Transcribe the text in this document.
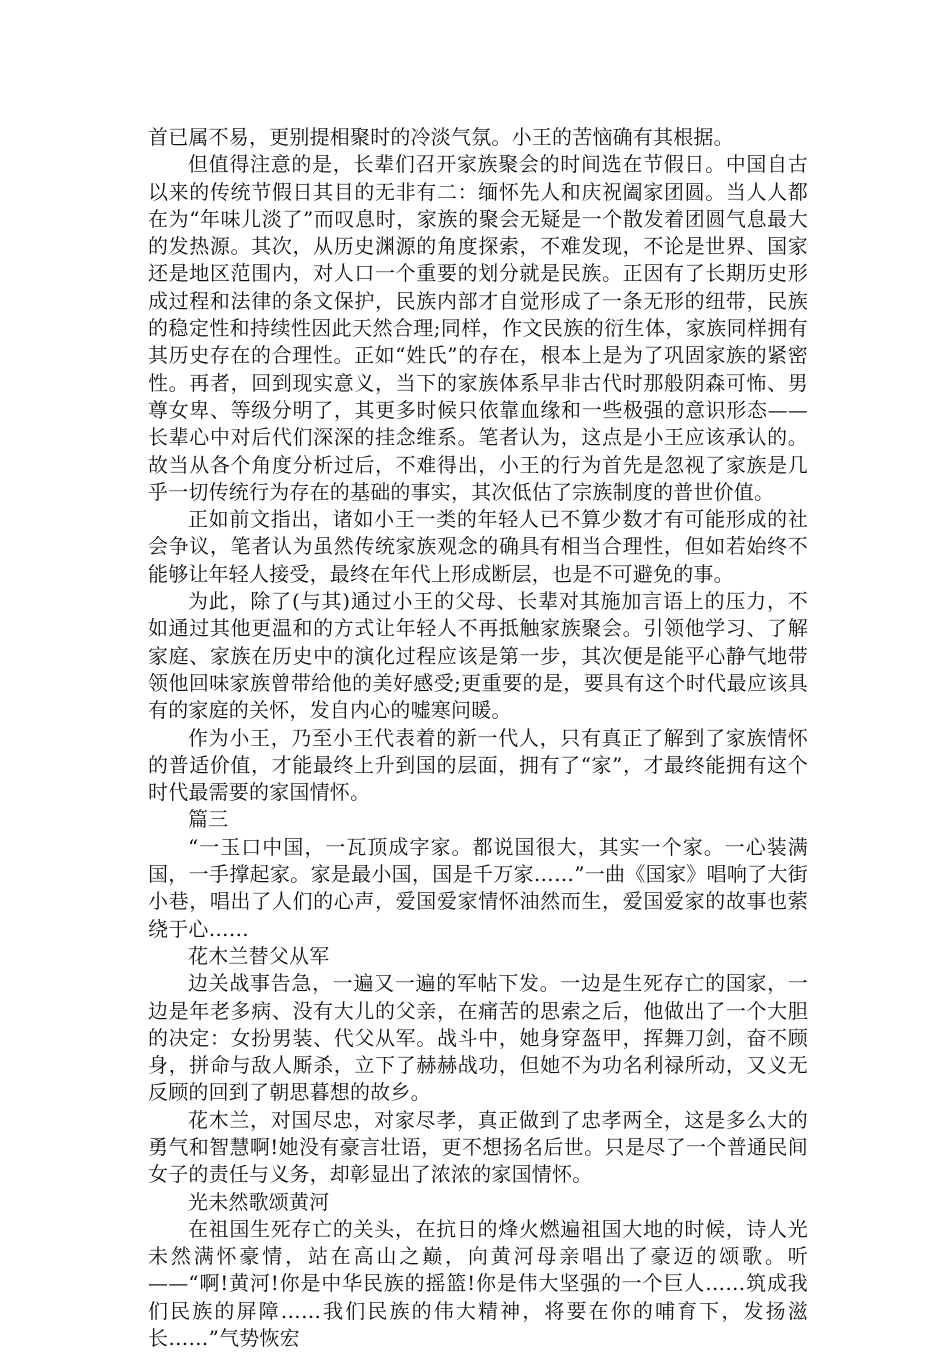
首已属不易，更别提相聚时的冷淡气氛。小王的苦恼确有其根据。

但值得注意的是，长辈们召开家族聚会的时间选在节假日。中国自古以来的传统节假日其目的无非有二：缅怀先人和庆祝阖家团圆。当人人都在为“年味儿淡了”而叹息时，家族的聚会无疑是一个散发着团圆气息最大的发热源。其次，从历史渊源的角度探索，不难发现，不论是世界、国家还是地区范围内，对人口一个重要的划分就是民族。正因有了长期历史形成过程和法律的条文保护，民族内部才自觉形成了一条无形的纽带，民族的稳定性和持续性因此天然合理;同样，作文民族的衍生体，家族同样拥有其历史存在的合理性。正如“姓氏”的存在，根本上是为了巩固家族的紧密性。再者，回到现实意义，当下的家族体系早非古代时那般阴森可怖、男尊女卑、等级分明了，其更多时候只依靠血缘和一些极强的意识形态——长辈心中对后代们深深的挂念维系。笔者认为，这点是小王应该承认的。故当从各个角度分析过后，不难得出，小王的行为首先是忽视了家族是几乎一切传统行为存在的基础的事实，其次低估了宗族制度的普世价值。

正如前文指出，诸如小王一类的年轻人已不算少数才有可能形成的社会争议，笔者认为虽然传统家族观念的确具有相当合理性，但如若始终不能够让年轻人接受，最终在年代上形成断层，也是不可避免的事。

为此，除了(与其)通过小王的父母、长辈对其施加言语上的压力，不如通过其他更温和的方式让年轻人不再抵触家族聚会。引领他学习、了解家庭、家族在历史中的演化过程应该是第一步，其次便是能平心静气地带领他回味家族曾带给他的美好感受;更重要的是，要具有这个时代最应该具有的家庭的关怀，发自内心的嘘寒问暖。

作为小王，乃至小王代表着的新一代人，只有真正了解到了家族情怀的普适价值，才能最终上升到国的层面，拥有了“家”，才最终能拥有这个时代最需要的家国情怀。

篇三

“一玉口中国，一瓦顶成字家。都说国很大，其实一个家。一心装满国，一手撑起家。家是最小国，国是千万家……”一曲《国家》唱响了大街小巷，唱出了人们的心声，爱国爱家情怀油然而生，爱国爱家的故事也萦绕于心……

花木兰替父从军

边关战事告急，一遍又一遍的军帖下发。一边是生死存亡的国家，一边是年老多病、没有大儿的父亲，在痛苦的思索之后，他做出了一个大胆的决定：女扮男装、代父从军。战斗中，她身穿盔甲，挥舞刀剑，奋不顾身，拼命与敌人厮杀，立下了赫赫战功，但她不为功名利禄所动，又义无反顾的回到了朝思暮想的故乡。

花木兰，对国尽忠，对家尽孝，真正做到了忠孝两全，这是多么大的勇气和智慧啊!她没有豪言壮语，更不想扬名后世。只是尽了一个普通民间女子的责任与义务，却彰显出了浓浓的家国情怀。

光未然歌颂黄河

在祖国生死存亡的关头，在抗日的烽火燃遍祖国大地的时候，诗人光未然满怀豪情，站在高山之巅，向黄河母亲唱出了豪迈的颂歌。听——“啊!黄河!你是中华民族的摇篮!你是伟大坚强的一个巨人……筑成我们民族的屏障……我们民族的伟大精神，将要在你的哺育下，发扬滋长……”气势恢宏
